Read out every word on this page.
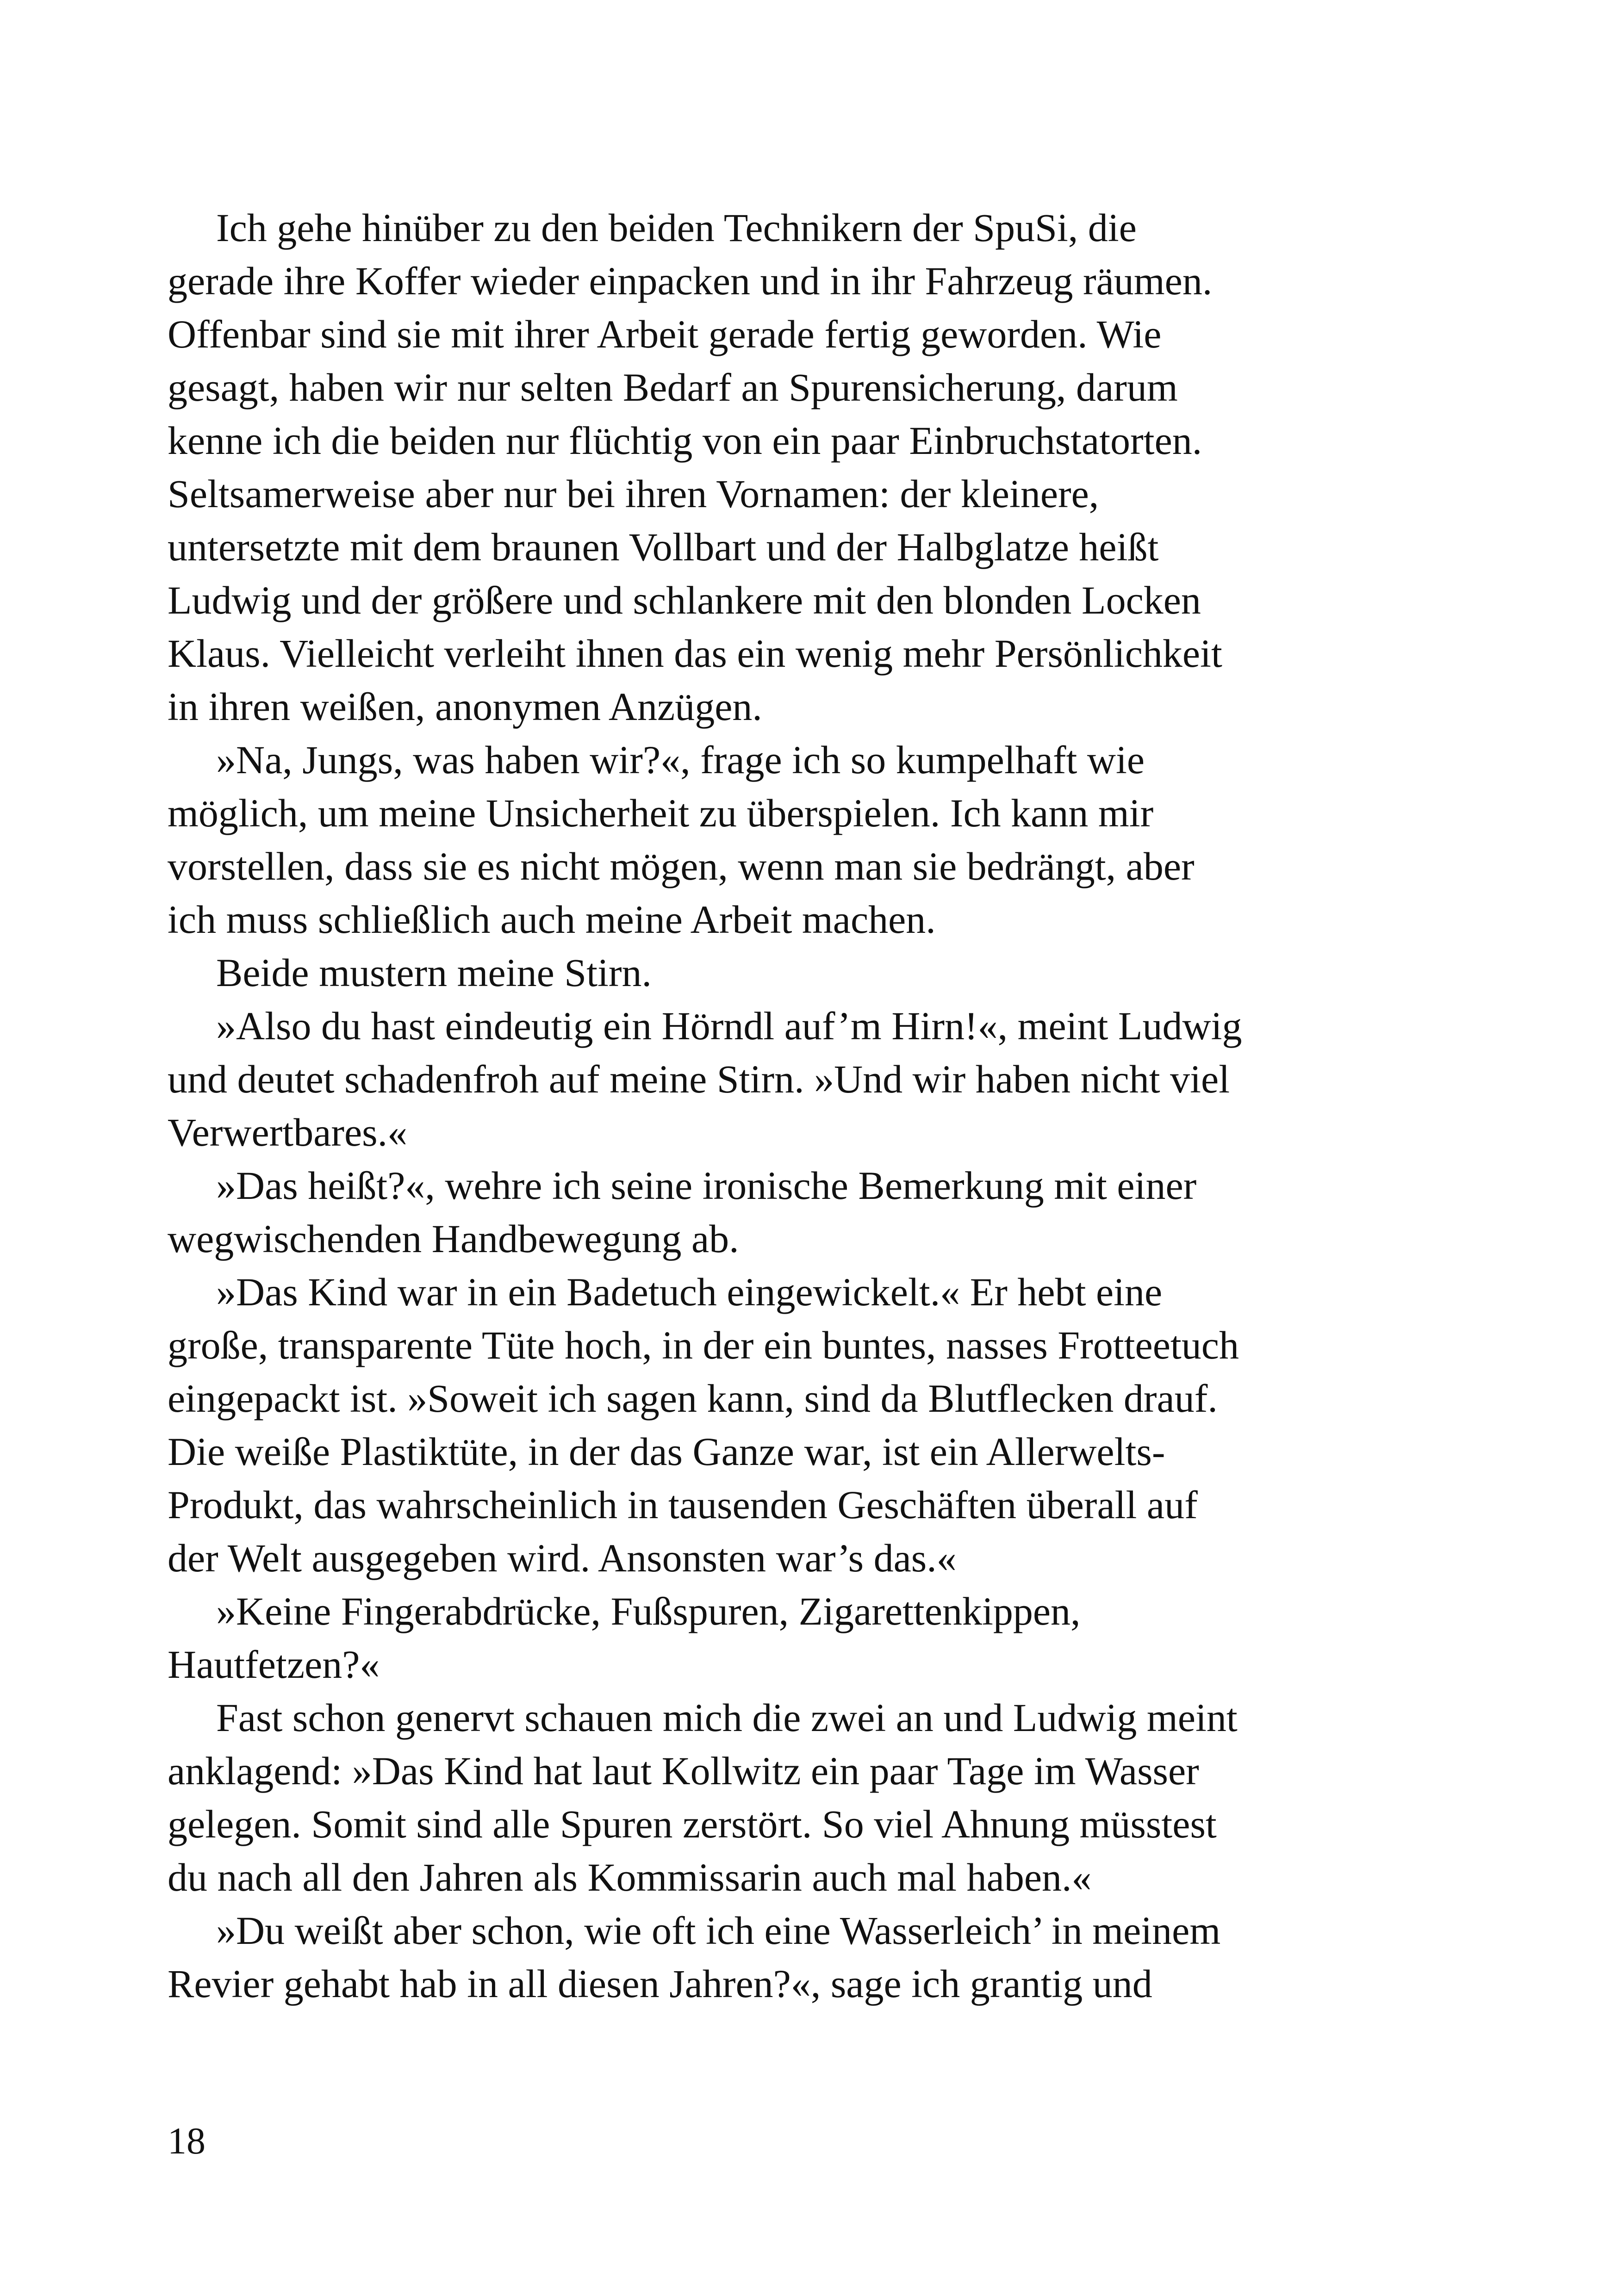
Ich gehe hinüber zu den beiden Technikern der SpuSi, die
gerade ihre Koffer wieder einpacken und in ihr Fahrzeug räumen.
Offenbar sind sie mit ihrer Arbeit gerade fertig geworden. Wie
gesagt, haben wir nur selten Bedarf an Spurensicherung, darum
kenne ich die beiden nur flüchtig von ein paar Einbruchstatorten.
Seltsamerweise aber nur bei ihren Vornamen: der kleinere,
untersetzte mit dem braunen Vollbart und der Halbglatze heißt
Ludwig und der größere und schlankere mit den blonden Locken
Klaus. Vielleicht verleiht ihnen das ein wenig mehr Persönlichkeit
in ihren weißen, anonymen Anzügen.
»Na, Jungs, was haben wir?«, frage ich so kumpelhaft wie
möglich, um meine Unsicherheit zu überspielen. Ich kann mir
vorstellen, dass sie es nicht mögen, wenn man sie bedrängt, aber
ich muss schließlich auch meine Arbeit machen.
Beide mustern meine Stirn.
»Also du hast eindeutig ein Hörndl auf’m Hirn!«, meint Ludwig
und deutet schadenfroh auf meine Stirn. »Und wir haben nicht viel
Verwertbares.«
»Das heißt?«, wehre ich seine ironische Bemerkung mit einer
wegwischenden Handbewegung ab.
»Das Kind war in ein Badetuch eingewickelt.« Er hebt eine
große, transparente Tüte hoch, in der ein buntes, nasses Frotteetuch
eingepackt ist. »Soweit ich sagen kann, sind da Blutflecken drauf.
Die weiße Plastiktüte, in der das Ganze war, ist ein Allerwelts-
Produkt, das wahrscheinlich in tausenden Geschäften überall auf
der Welt ausgegeben wird. Ansonsten war’s das.«
»Keine Fingerabdrücke, Fußspuren, Zigarettenkippen,
Hautfetzen?«
Fast schon genervt schauen mich die zwei an und Ludwig meint
anklagend: »Das Kind hat laut Kollwitz ein paar Tage im Wasser
gelegen. Somit sind alle Spuren zerstört. So viel Ahnung müsstest
du nach all den Jahren als Kommissarin auch mal haben.«
»Du weißt aber schon, wie oft ich eine Wasserleich’ in meinem
Revier gehabt hab in all diesen Jahren?«, sage ich grantig und
18
